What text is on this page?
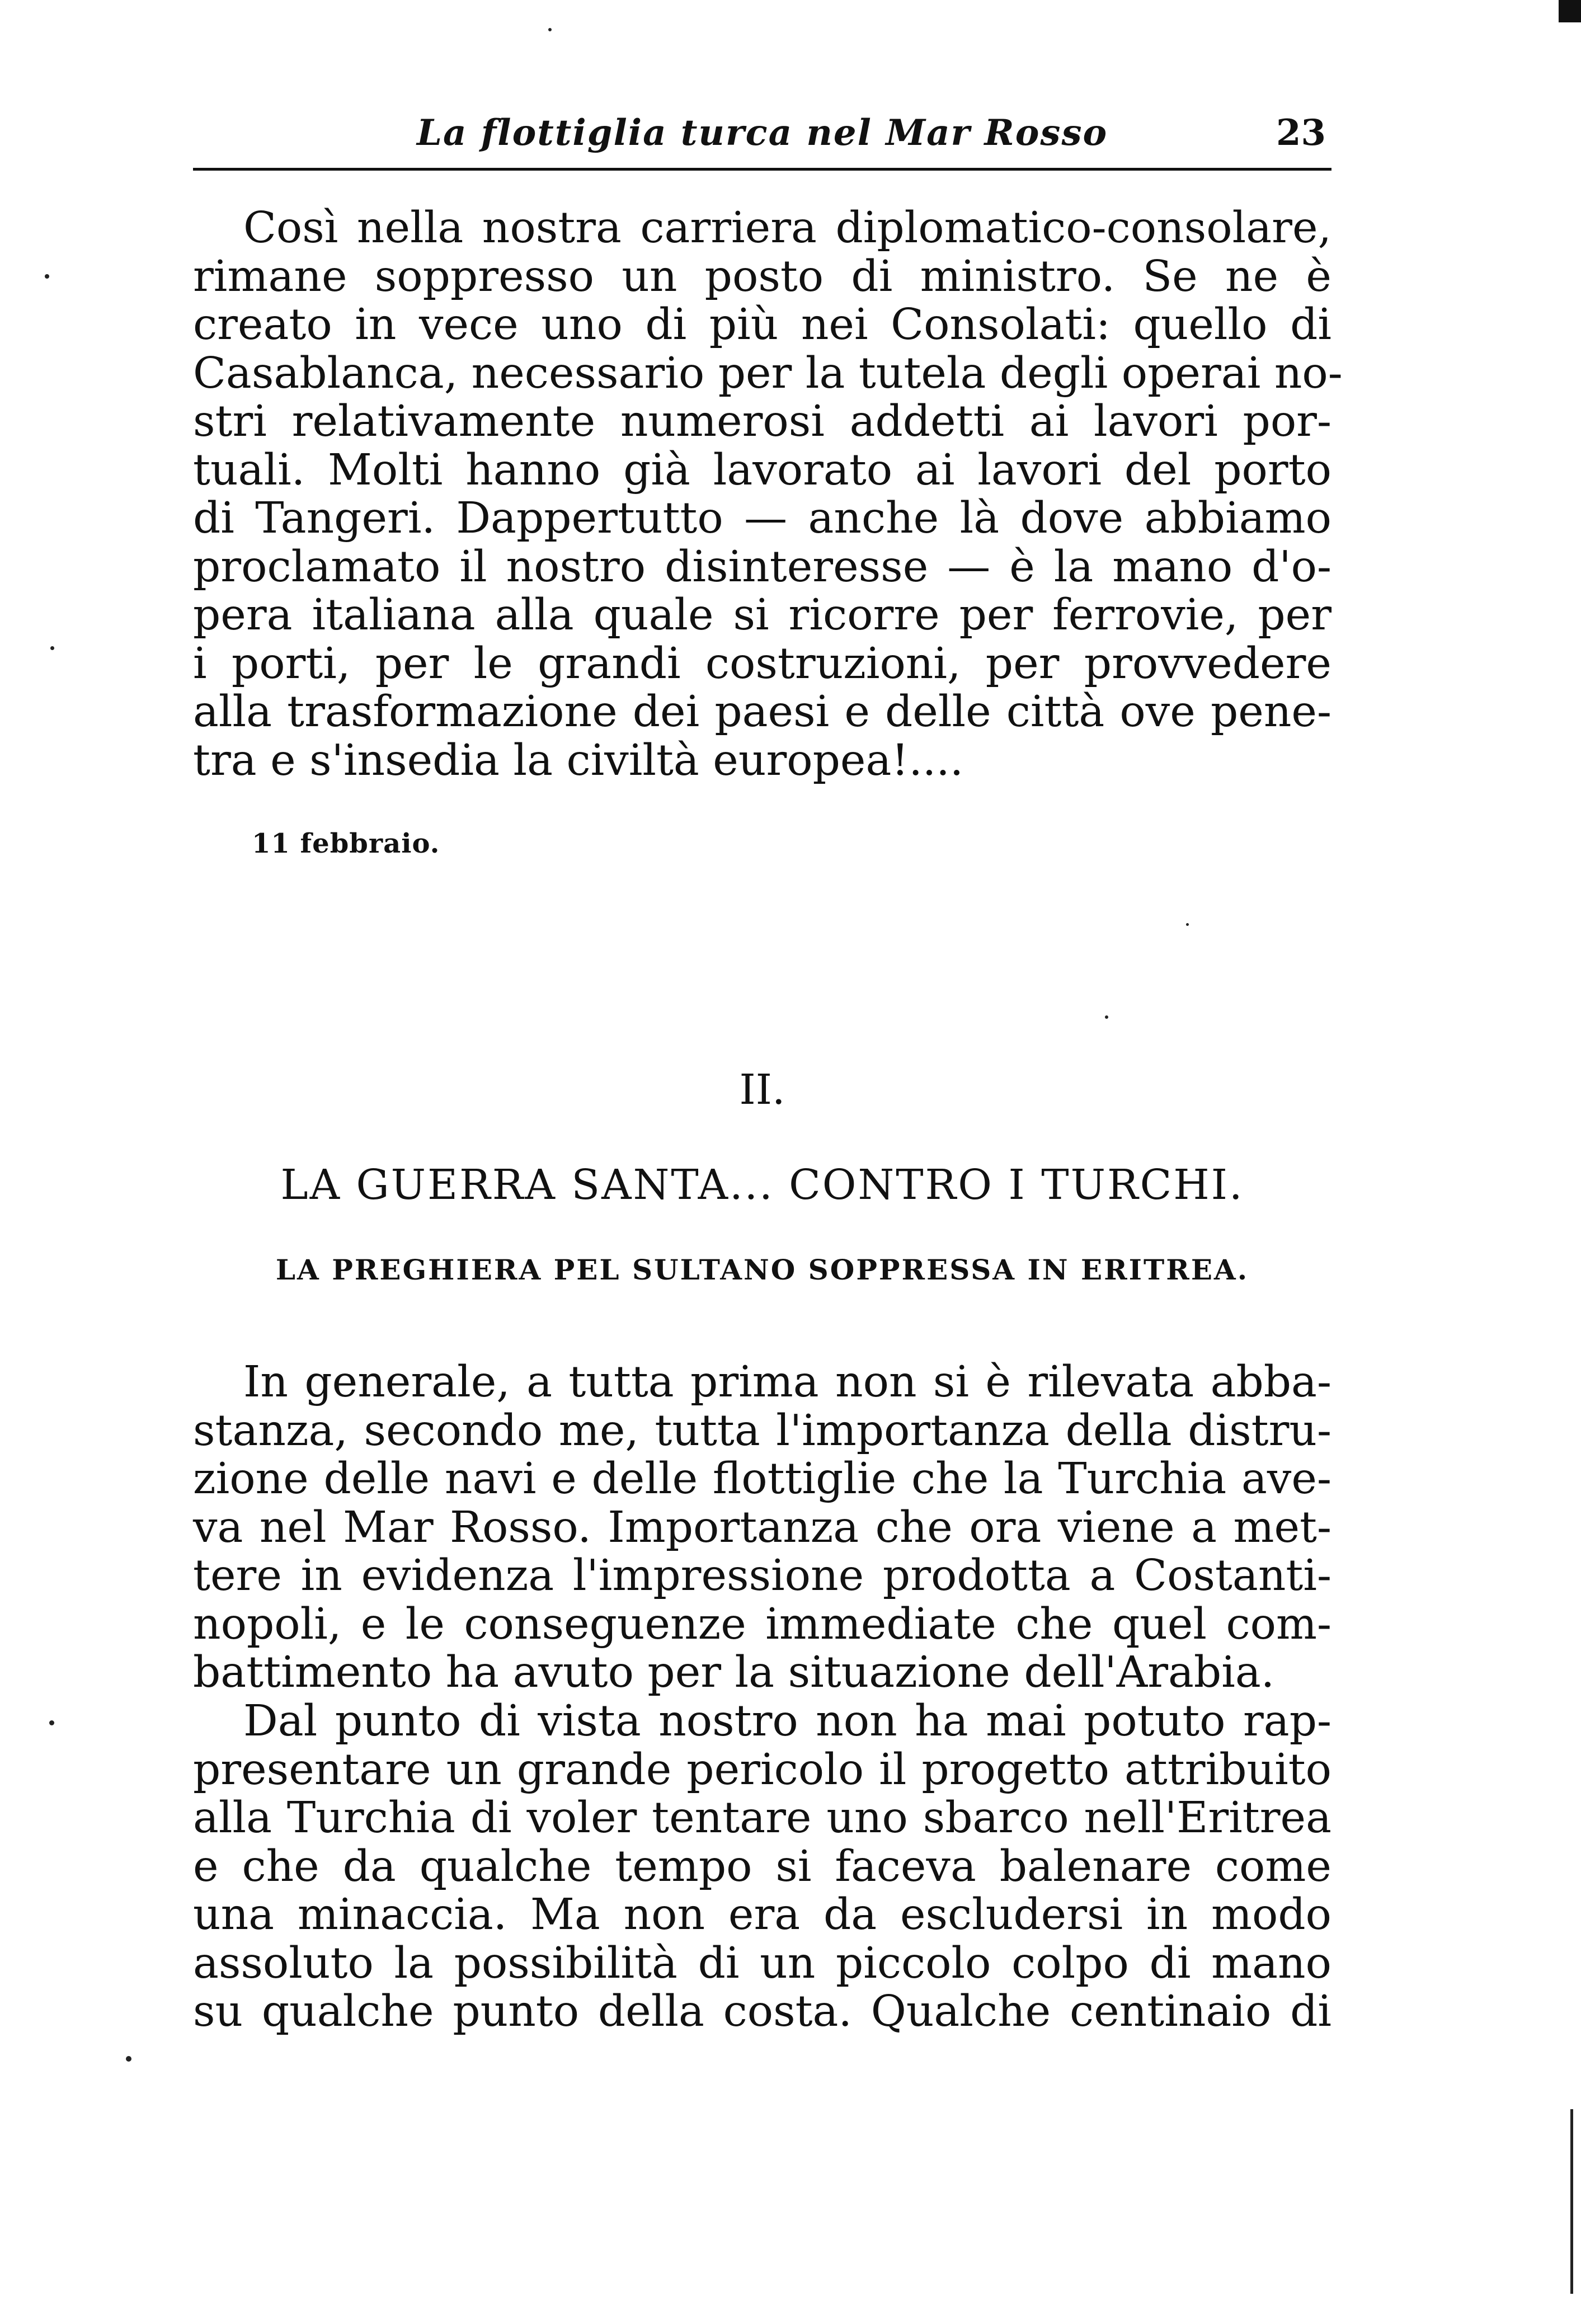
La flottiglia turca nel Mar Rosso	23
Così nella nostra carriera diplomatico-consolare,
rimane soppresso un posto di ministro. Se ne è
creato in vece uno di più nei Consolati: quello di
Casablanca, necessario per la tutela degli operai no-
stri relativamente numerosi addetti ai lavori por-
tuali. Molti hanno già lavorato ai lavori del porto
di Tangeri. Dappertutto — anche là dove abbiamo
proclamato il nostro disinteresse — è la mano d'o-
pera italiana alla quale si ricorre per ferrovie, per
i porti, per le grandi costruzioni, per provvedere
alla trasformazione dei paesi e delle città ove pene-
tra e s'insedia la civiltà europea!....
11 febbraio.
II.
LA GUERRA SANTA... CONTRO I TURCHI.
LA PREGHIERA PEL SULTANO SOPPRESSA IN ERITREA.
In generale, a tutta prima non si è rilevata abba-
stanza, secondo me, tutta l'importanza della distru-
zione delle navi e delle flottiglie che la Turchia ave-
va nel Mar Rosso. Importanza che ora viene a met-
tere in evidenza l'impressione prodotta a Costanti-
nopoli, e le conseguenze immediate che quel com-
battimento ha avuto per la situazione dell'Arabia.
Dal punto di vista nostro non ha mai potuto rap-
presentare un grande pericolo il progetto attribuito
alla Turchia di voler tentare uno sbarco nell'Eritrea
e che da qualche tempo si faceva balenare come
una minaccia. Ma non era da escludersi in modo
assoluto la possibilità di un piccolo colpo di mano
su qualche punto della costa. Qualche centinaio di
